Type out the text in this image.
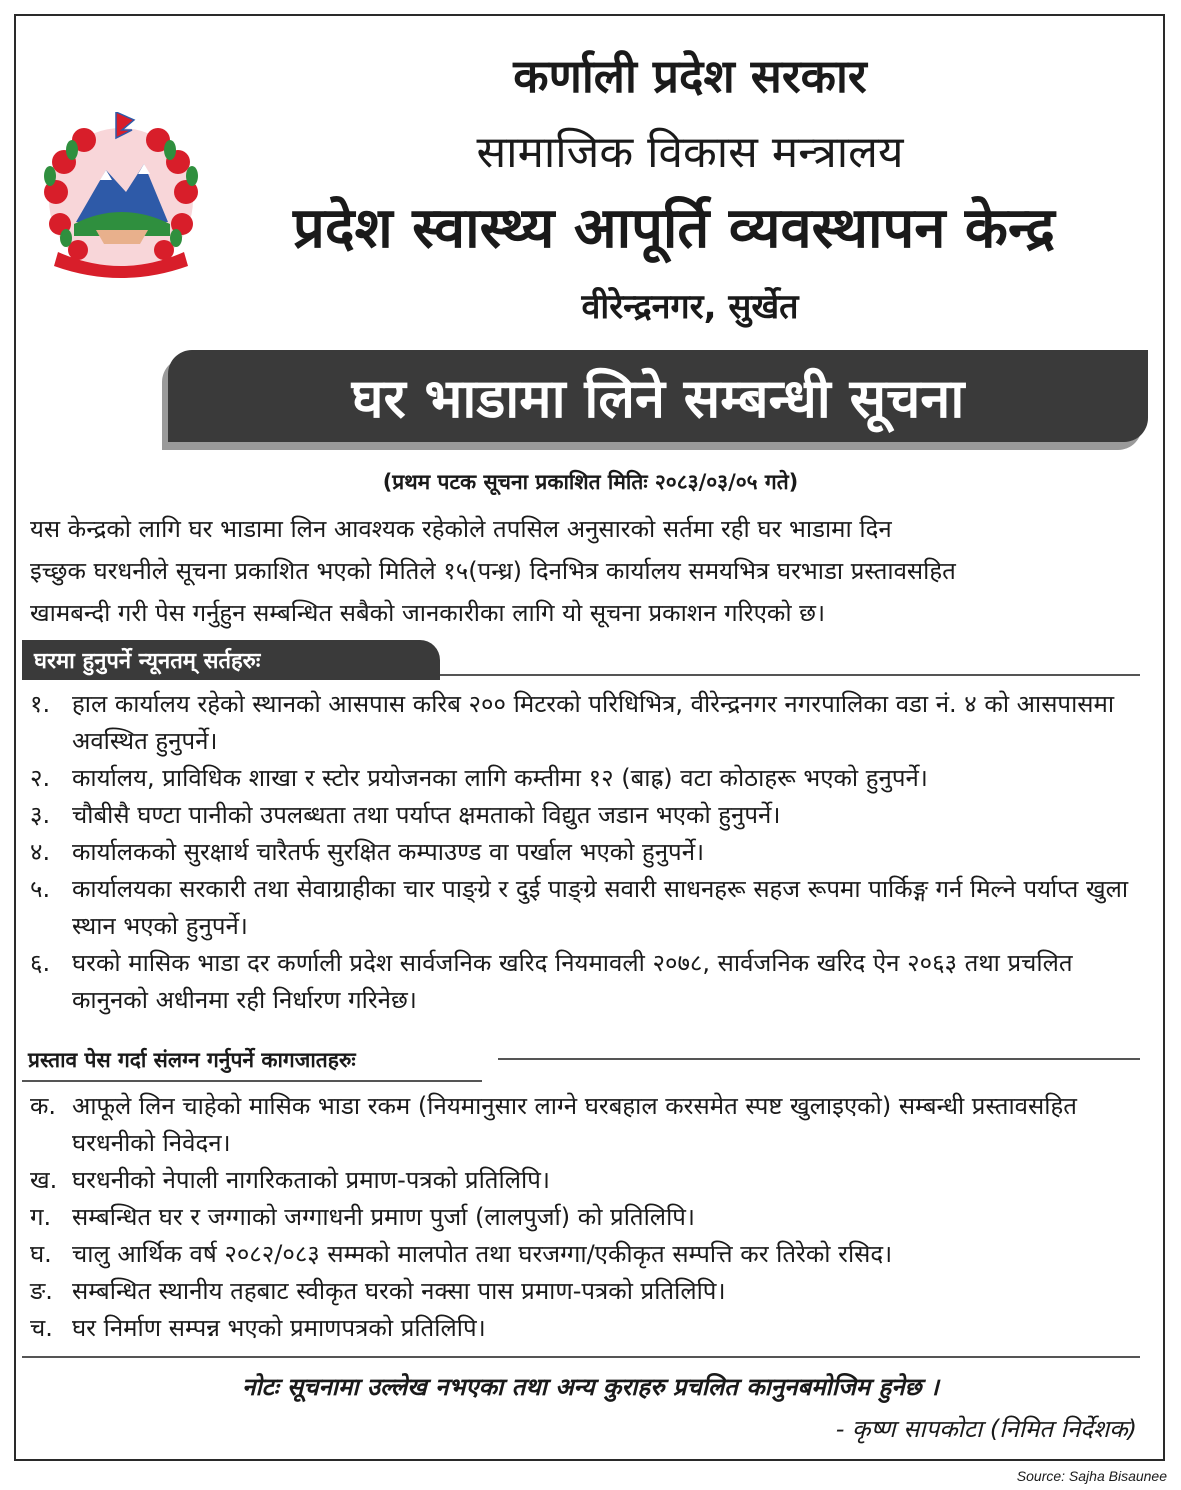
कर्णाली प्रदेश सरकार
सामाजिक विकास मन्त्रालय
प्रदेश स्वास्थ्य आपूर्ति व्यवस्थापन केन्द्र
वीरेन्द्रनगर, सुर्खेत
घर भाडामा लिने सम्बन्धी सूचना
(प्रथम पटक सूचना प्रकाशित मितिः २०८३/०३/०५ गते)
यस केन्द्रको लागि घर भाडामा लिन आवश्यक रहेकोले तपसिल अनुसारको सर्तमा रही घर भाडामा दिन
इच्छुक घरधनीले सूचना प्रकाशित भएको मितिले १५(पन्ध्र) दिनभित्र कार्यालय समयभित्र घरभाडा प्रस्तावसहित
खामबन्दी गरी पेस गर्नुहुन सम्बन्धित सबैको जानकारीका लागि यो सूचना प्रकाशन गरिएको छ।
घरमा हुनुपर्ने न्यूनतम् सर्तहरुः
१. हाल कार्यालय रहेको स्थानको आसपास करिब २०० मिटरको परिधिभित्र, वीरेन्द्रनगर नगरपालिका वडा नं. ४ को आसपासमा अवस्थित हुनुपर्ने।
२. कार्यालय, प्राविधिक शाखा र स्टोर प्रयोजनका लागि कम्तीमा १२ (बाह्र) वटा कोठाहरू भएको हुनुपर्ने।
३. चौबीसै घण्टा पानीको उपलब्धता तथा पर्याप्त क्षमताको विद्युत जडान भएको हुनुपर्ने।
४. कार्यालकको सुरक्षार्थ चारैतर्फ सुरक्षित कम्पाउण्ड वा पर्खाल भएको हुनुपर्ने।
५. कार्यालयका सरकारी तथा सेवाग्राहीका चार पाङ्ग्रे र दुई पाङ्ग्रे सवारी साधनहरू सहज रूपमा पार्किङ्ग गर्न मिल्ने पर्याप्त खुला स्थान भएको हुनुपर्ने।
६. घरको मासिक भाडा दर कर्णाली प्रदेश सार्वजनिक खरिद नियमावली २०७८, सार्वजनिक खरिद ऐन २०६३ तथा प्रचलित कानुनको अधीनमा रही निर्धारण गरिनेछ।
प्रस्ताव पेस गर्दा संलग्न गर्नुपर्ने कागजातहरुः
क. आफूले लिन चाहेको मासिक भाडा रकम (नियमानुसार लाग्ने घरबहाल करसमेत स्पष्ट खुलाइएको) सम्बन्धी प्रस्तावसहित घरधनीको निवेदन।
ख. घरधनीको नेपाली नागरिकताको प्रमाण-पत्रको प्रतिलिपि।
ग. सम्बन्धित घर र जग्गाको जग्गाधनी प्रमाण पुर्जा (लालपुर्जा) को प्रतिलिपि।
घ. चालु आर्थिक वर्ष २०८२/०८३ सम्मको मालपोत तथा घरजग्गा/एकीकृत सम्पत्ति कर तिरेको रसिद।
ङ. सम्बन्धित स्थानीय तहबाट स्वीकृत घरको नक्सा पास प्रमाण-पत्रको प्रतिलिपि।
च. घर निर्माण सम्पन्न भएको प्रमाणपत्रको प्रतिलिपि।
नोटः सूचनामा उल्लेख नभएका तथा अन्य कुराहरु प्रचलित कानुनबमोजिम हुनेछ ।
- कृष्ण सापकोटा (निमित निर्देशक)
Source: Sajha Bisaunee
